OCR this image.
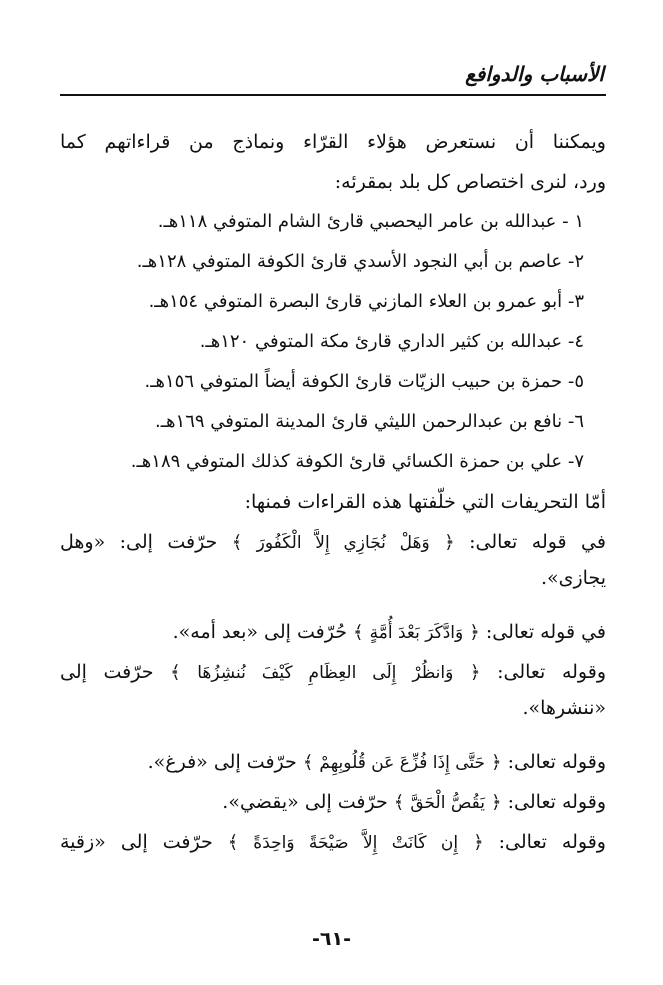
الأسباب والدوافع
ويمكننا أن نستعرض هؤلاء القرّاء ونماذج من قراءاتهم كما
ورد، لنرى اختصاص كل بلد بمقرئه:
١ - عبدالله بن عامر اليحصبي قارئ الشام المتوفي ١١٨هـ.
٢- عاصم بن أبي النجود الأسدي قارئ الكوفة المتوفي ١٢٨هـ.
٣- أبو عمرو بن العلاء المازني قارئ البصرة المتوفي ١٥٤هـ.
٤- عبدالله بن كثير الداري قارئ مكة المتوفي ١٢٠هـ.
٥- حمزة بن حبيب الزيّات قارئ الكوفة أيضاً المتوفي ١٥٦هـ.
٦- نافع بن عبدالرحمن الليثي قارئ المدينة المتوفي ١٦٩هـ.
٧- علي بن حمزة الكسائي قارئ الكوفة كذلك المتوفي ١٨٩هـ.
أمّا التحريفات التي خلّفتها هذه القراءات فمنها:
في قوله تعالى: ﴿ وَهَلْ نُجَازِي إِلاَّ الْكَفُورَ ﴾ حرّفت إلى: «وهل
يجازى».
في قوله تعالى: ﴿ وَادَّكَرَ بَعْدَ أُمَّةٍ ﴾ حُرّفت إلى «بعد أمه».
وقوله تعالى: ﴿ وَانظُرْ إِلَى العِظَامِ كَيْفَ نُنشِزُهَا ﴾ حرّفت إلى
«ننشرها».
وقوله تعالى: ﴿ حَتَّى إِذَا فُزِّعَ عَن قُلُوبِهِمْ ﴾ حرّفت إلى «فرغ».
وقوله تعالى: ﴿ يَقُصُّ الْحَقَّ ﴾ حرّفت إلى «يقضي».
وقوله تعالى: ﴿ إِن كَانَتْ إِلاَّ صَيْحَةً وَاحِدَةً ﴾ حرّفت إلى «زقية
-٦١-
